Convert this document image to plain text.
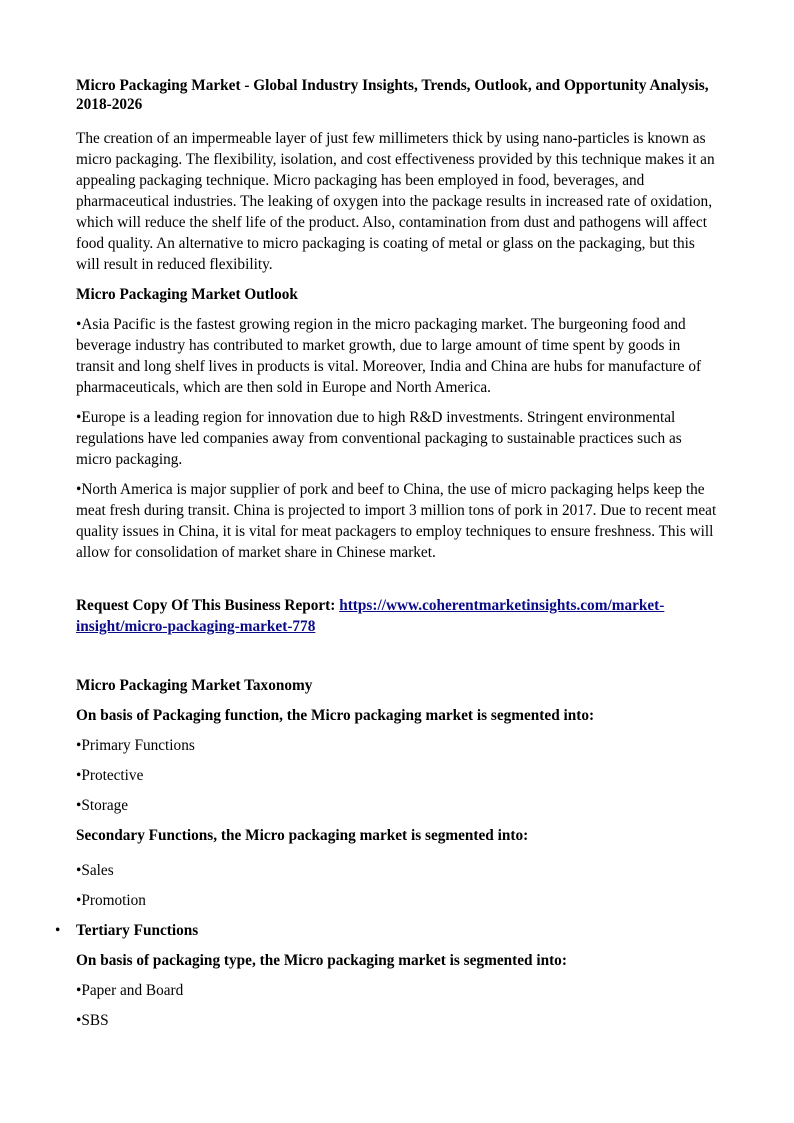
Micro Packaging Market - Global Industry Insights, Trends, Outlook, and Opportunity Analysis, 2018-2026

The creation of an impermeable layer of just few millimeters thick by using nano-particles is known as micro packaging. The flexibility, isolation, and cost effectiveness provided by this technique makes it an appealing packaging technique. Micro packaging has been employed in food, beverages, and pharmaceutical industries. The leaking of oxygen into the package results in increased rate of oxidation, which will reduce the shelf life of the product. Also, contamination from dust and pathogens will affect food quality. An alternative to micro packaging is coating of metal or glass on the packaging, but this will result in reduced flexibility.

Micro Packaging Market Outlook

•Asia Pacific is the fastest growing region in the micro packaging market. The burgeoning food and beverage industry has contributed to market growth, due to large amount of time spent by goods in transit and long shelf lives in products is vital. Moreover, India and China are hubs for manufacture of pharmaceuticals, which are then sold in Europe and North America.

•Europe is a leading region for innovation due to high R&D investments. Stringent environmental regulations have led companies away from conventional packaging to sustainable practices such as micro packaging.

•North America is major supplier of pork and beef to China, the use of micro packaging helps keep the meat fresh during transit. China is projected to import 3 million tons of pork in 2017. Due to recent meat quality issues in China, it is vital for meat packagers to employ techniques to ensure freshness. This will allow for consolidation of market share in Chinese market.

Request Copy Of This Business Report: https://www.coherentmarketinsights.com/market-insight/micro-packaging-market-778

Micro Packaging Market Taxonomy

On basis of Packaging function, the Micro packaging market is segmented into:

•Primary Functions

•Protective

•Storage

Secondary Functions, the Micro packaging market is segmented into:

•Sales

•Promotion

• Tertiary Functions

On basis of packaging type, the Micro packaging market is segmented into:

•Paper and Board

•SBS
